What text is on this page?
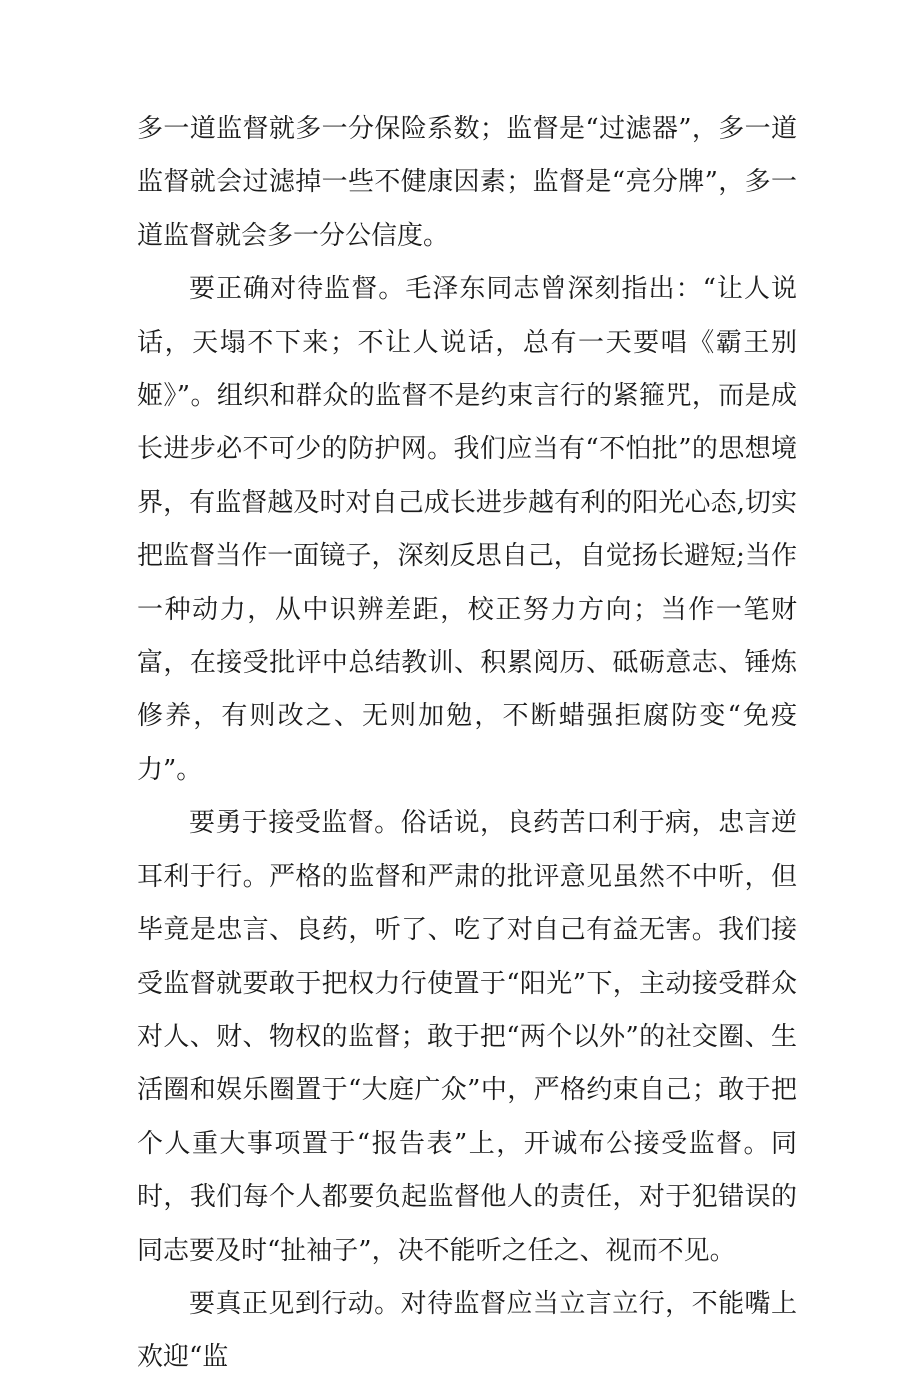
多一道监督就多一分保险系数；监督是“过滤器”，多一道监督就会过滤掉一些不健康因素；监督是“亮分牌”，多一道监督就会多一分公信度。

要正确对待监督。毛泽东同志曾深刻指出：“让人说话，天塌不下来；不让人说话，总有一天要唱《霸王别姬》”。组织和群众的监督不是约束言行的紧箍咒，而是成长进步必不可少的防护网。我们应当有“不怕批”的思想境界，有监督越及时对自己成长进步越有利的阳光心态,切实把监督当作一面镜子，深刻反思自己，自觉扬长避短;当作一种动力，从中识辨差距，校正努力方向；当作一笔财富，在接受批评中总结教训、积累阅历、砥砺意志、锤炼修养，有则改之、无则加勉，不断蜡强拒腐防变“免疫力”。

要勇于接受监督。俗话说，良药苦口利于病，忠言逆耳利于行。严格的监督和严肃的批评意见虽然不中听，但毕竟是忠言、良药，听了、吃了对自己有益无害。我们接受监督就要敢于把权力行使置于“阳光”下，主动接受群众对人、财、物权的监督；敢于把“两个以外”的社交圈、生活圈和娱乐圈置于“大庭广众”中，严格约束自己；敢于把个人重大事项置于“报告表”上，开诚布公接受监督。同时，我们每个人都要负起监督他人的责任，对于犯错误的同志要及时“扯袖子”，决不能听之任之、视而不见。

要真正见到行动。对待监督应当立言立行，不能嘴上欢迎“监
